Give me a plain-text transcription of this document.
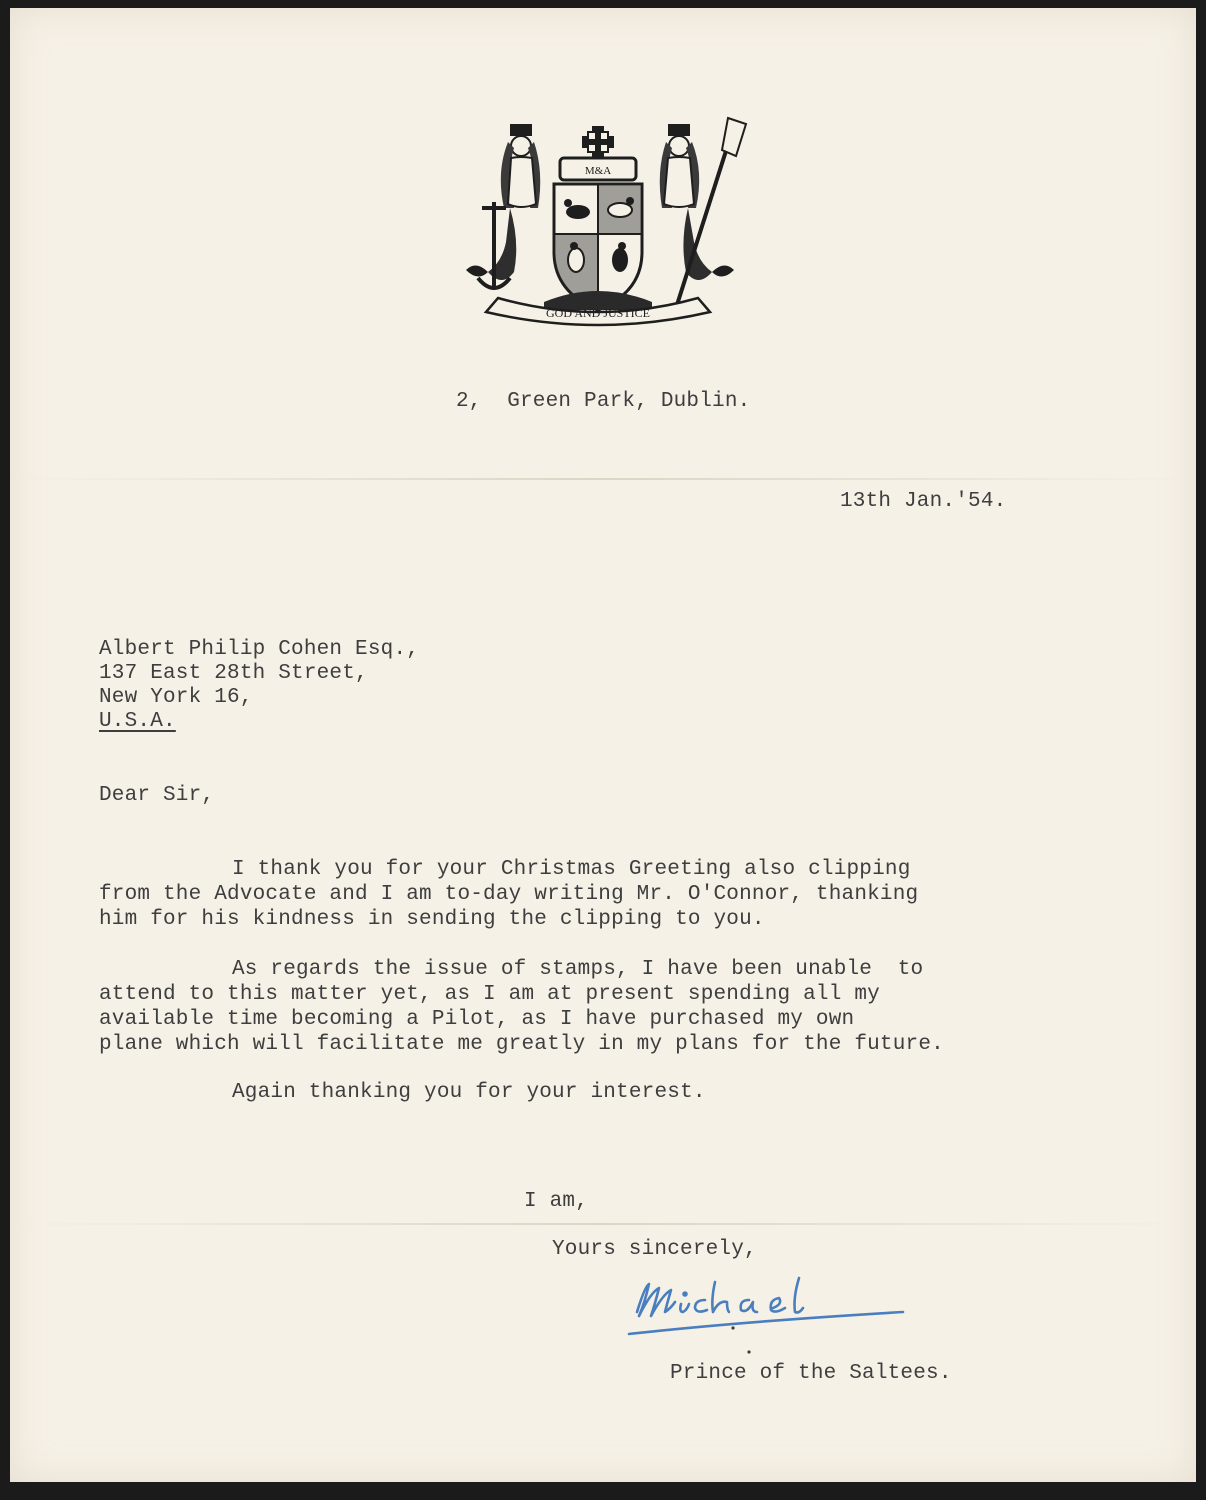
M&A
GOD AND JUSTICE
2,  Green Park, Dublin.
13th Jan.'54.
Albert Philip Cohen Esq.,
137 East 28th Street,
New York 16,
U.S.A.
Dear Sir,
I thank you for your Christmas Greeting also clipping
from the Advocate and I am to-day writing Mr. O'Connor, thanking
him for his kindness in sending the clipping to you.
As regards the issue of stamps, I have been unable  to
attend to this matter yet, as I am at present spending all my
available time becoming a Pilot, as I have purchased my own
plane which will facilitate me greatly in my plans for the future.
Again thanking you for your interest.
I am,
Yours sincerely,
Prince of the Saltees.
